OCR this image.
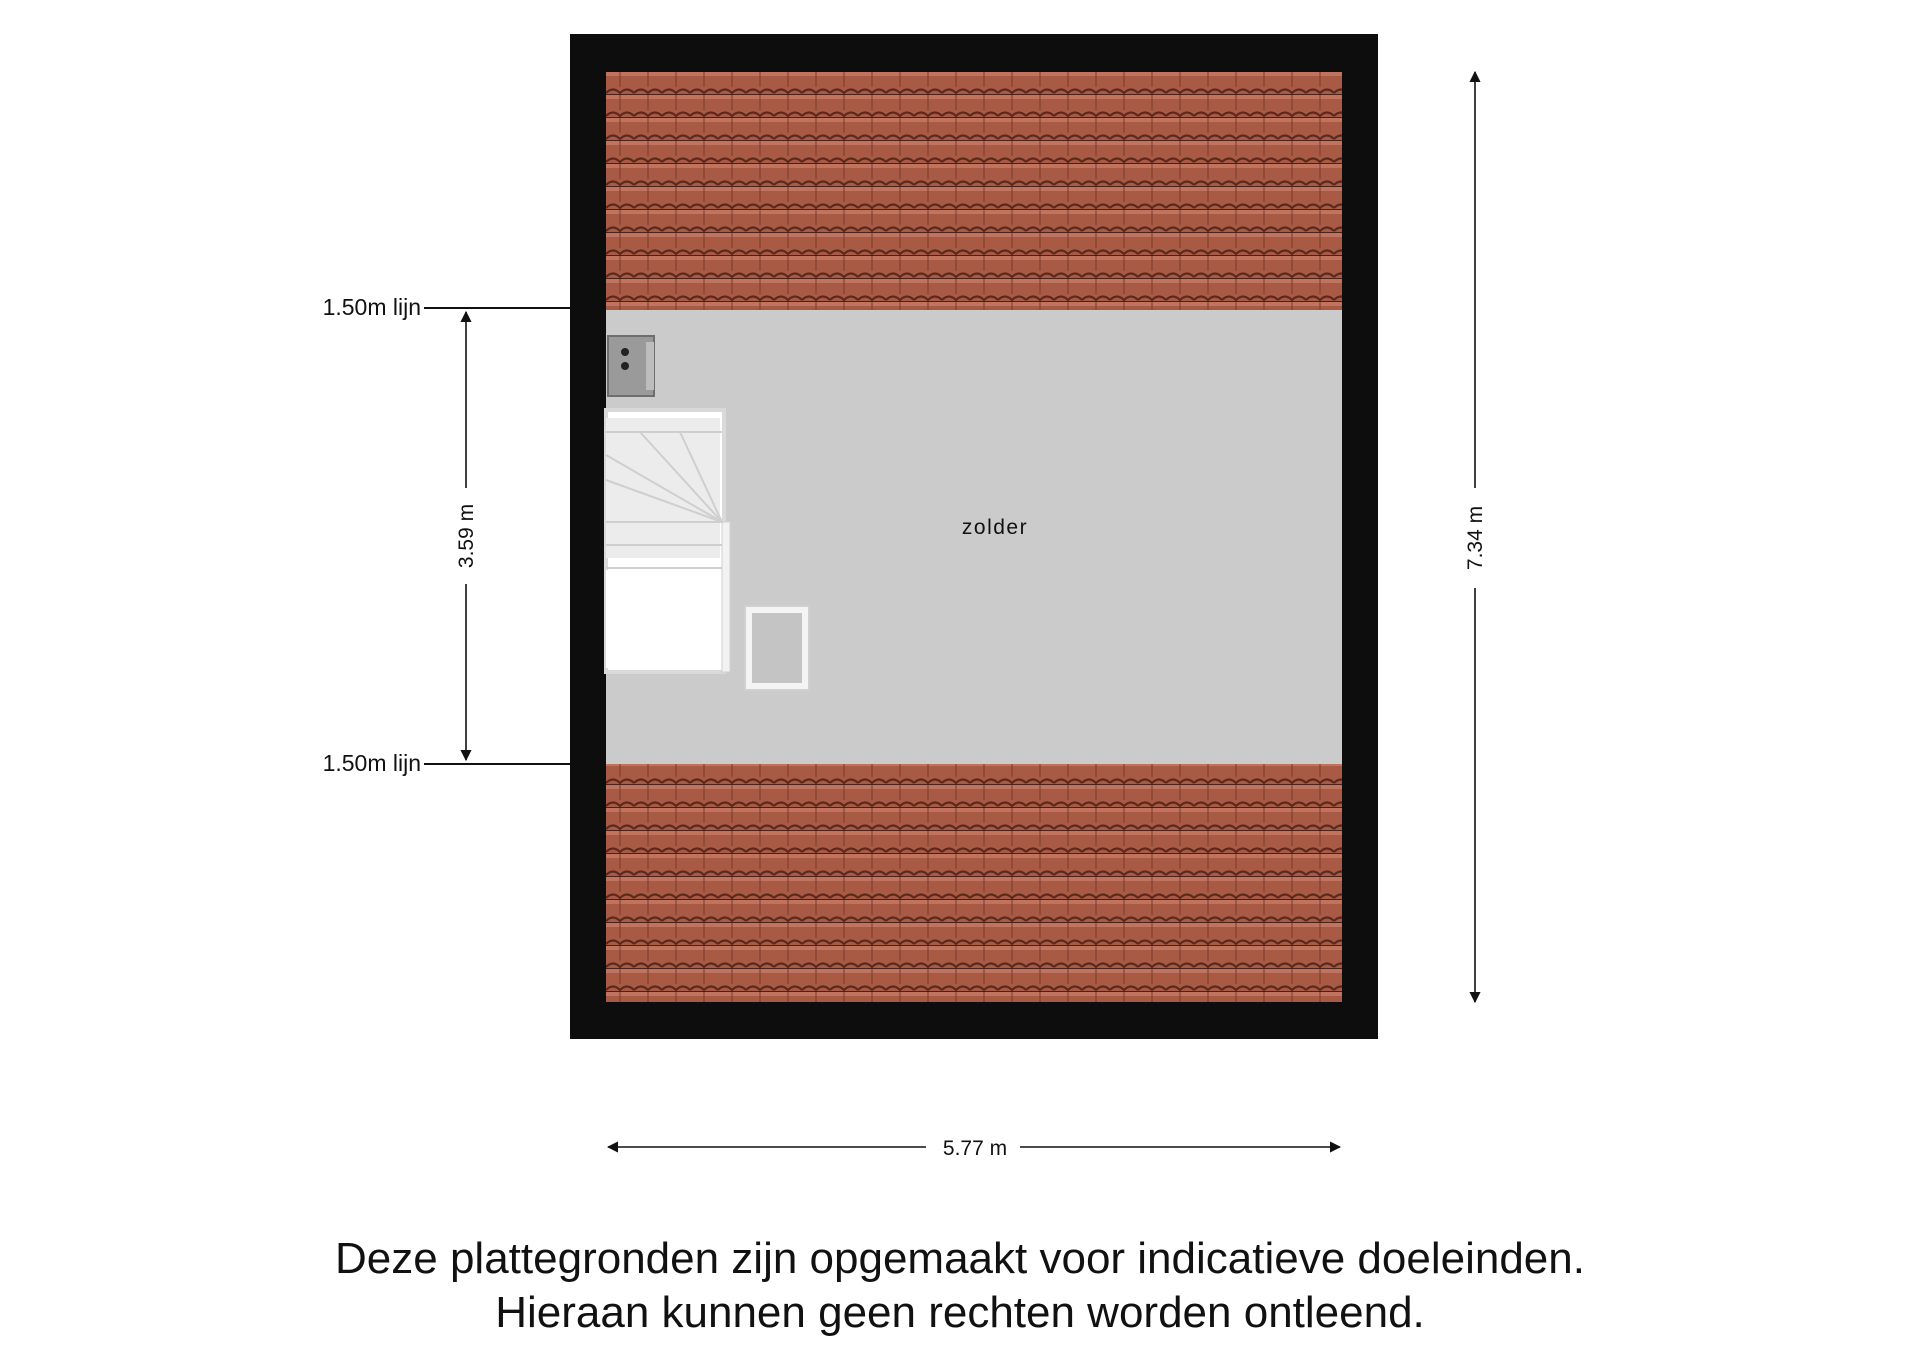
zolder
1.50m lijn
1.50m lijn
3.59 m	7.34 m
5.77 m
Deze plattegronden zijn opgemaakt voor indicatieve doeleinden.
Hieraan kunnen geen rechten worden ontleend.
